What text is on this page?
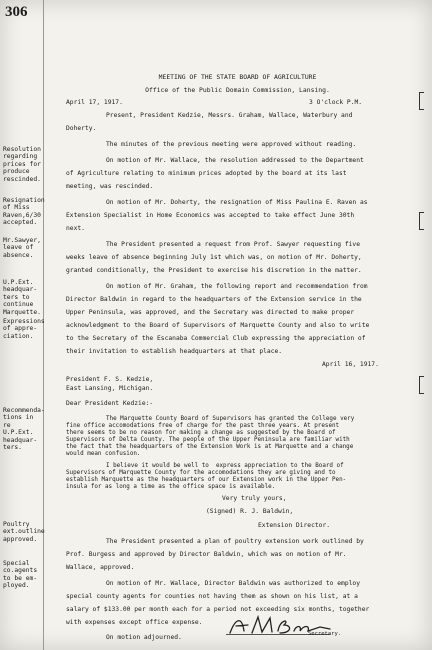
306
Resolution
regarding
prices for
produce
rescinded.
Resignation
of Miss
Raven,6/30
accepted.
Mr.Sawyer,
leave of
absence.
U.P.Ext.
headquar-
ters to
continue
Marquette.
Expressions
of appre-
ciation.
Recommenda-
tions in re
U.P.Ext.
headquar-
ters.
Poultry
ext.outline
approved.
Special
co.agents
to be em-
ployed.
MEETING OF THE STATE BOARD OF AGRICULTURE
Office of the Public Domain Commission, Lansing.
April 17, 1917.	3 O'clock P.M.
Present, President Kedzie, Messrs. Graham, Wallace, Waterbury and
Doherty.
The minutes of the previous meeting were approved without reading.
On motion of Mr. Wallace, the resolution addressed to the Department
of Agriculture relating to minimum prices adopted by the board at its last
meeting, was rescinded.
On motion of Mr. Doherty, the resignation of Miss Paulina E. Raven as
Extension Specialist in Home Economics was accepted to take effect June 30th
next.
The President presented a request from Prof. Sawyer requesting five
weeks leave of absence beginning July 1st which was, on motion of Mr. Doherty,
granted conditionally, the President to exercise his discretion in the matter.
On motion of Mr. Graham, the following report and recommendation from
Director Baldwin in regard to the headquarters of the Extension service in the
Upper Peninsula, was approved, and the Secretary was directed to make proper
acknowledgment to the Board of Supervisors of Marquette County and also to write
to the Secretary of the Escanaba Commercial Club expressing the appreciation of
their invitation to establish headquarters at that place.
April 16, 1917.
President F. S. Kedzie,
East Lansing, Michigan.
Dear President Kedzie:-
The Marquette County Board of Supervisors has granted the College very
fine office accomodations free of charge for the past three years. At present
there seems to be no reason for making a change as suggested by the Board of
Supervisors of Delta County. The people of the Upper Peninsula are familiar with
the fact that the headquarters of the Extension Work is at Marquette and a change
would mean confusion.
I believe it would be well to  express appreciation to the Board of
Supervisors of Marquette County for the accomodations they are giving and to
establish Marquette as the headquarters of our Extension work in the Upper Pen-
insula for as long a time as the office space is available.
Very truly yours,
(Signed) R. J. Baldwin,
Extension Director.
The President presented a plan of poultry extension work outlined by
Prof. Burgess and approved by Director Baldwin, which was on motion of Mr.
Wallace, approved.
On motion of Mr. Wallace, Director Baldwin was authorized to employ
special county agents for counties not having them as shown on his list, at a
salary of $133.00 per month each for a period not exceeding six months, together
with expenses except office expense.
On motion adjourned.	Secretary.
